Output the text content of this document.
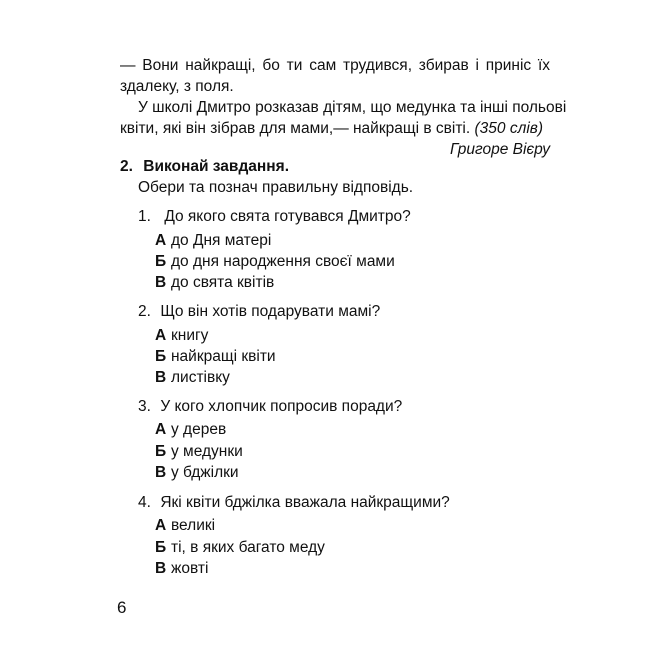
— Вони найкращі, бо ти сам трудився, збирав і приніс їх
здалеку, з поля.
У школі Дмитро розказав дітям, що медунка та інші польові
квіти, які він зібрав для мами,— найкращі в світі. (350 слів)
Григоре Вієру
2. Виконай завдання.
Обери та познач правильну відповідь.
1. До якого свята готувався Дмитро?
А до Дня матері
Б до дня народження своєї мами
В до свята квітів
2. Що він хотів подарувати мамі?
А книгу
Б найкращі квіти
В листівку
3. У кого хлопчик попросив поради?
А у дерев
Б у медунки
В у бджілки
4. Які квіти бджілка вважала найкращими?
А великі
Б ті, в яких багато меду
В жовті
6
